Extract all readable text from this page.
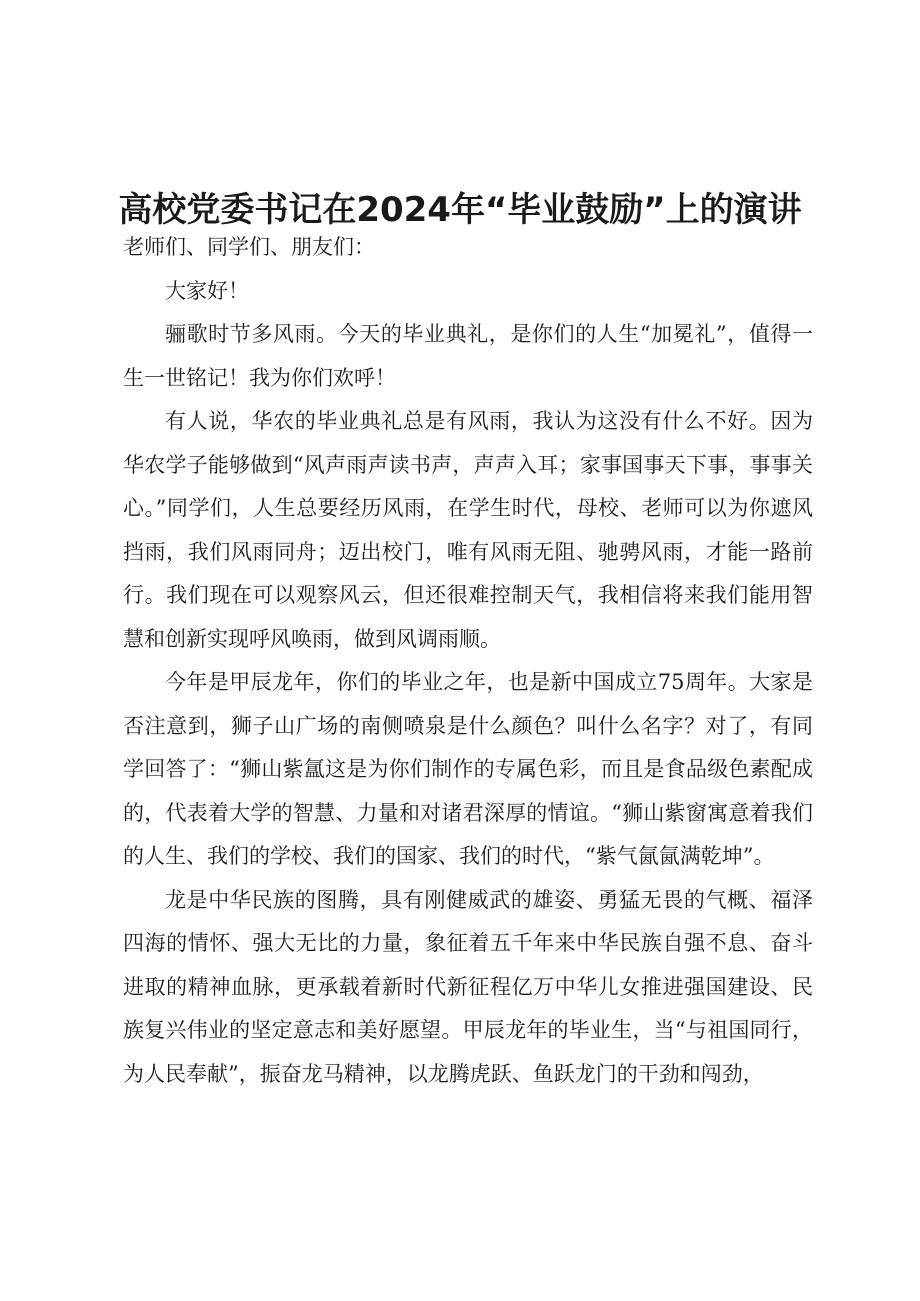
高校党委书记在2024年“毕业鼓励”上的演讲

老师们、同学们、朋友们：

大家好！

骊歌时节多风雨。今天的毕业典礼，是你们的人生“加冕礼”，值得一生一世铭记！我为你们欢呼！

有人说，华农的毕业典礼总是有风雨，我认为这没有什么不好。因为华农学子能够做到“风声雨声读书声，声声入耳；家事国事天下事，事事关心。”同学们，人生总要经历风雨，在学生时代，母校、老师可以为你遮风挡雨，我们风雨同舟；迈出校门，唯有风雨无阻、驰骋风雨，才能一路前行。我们现在可以观察风云，但还很难控制天气，我相信将来我们能用智慧和创新实现呼风唤雨，做到风调雨顺。

今年是甲辰龙年，你们的毕业之年，也是新中国成立75周年。大家是否注意到，狮子山广场的南侧喷泉是什么颜色？叫什么名字？对了，有同学回答了：“狮山紫氲这是为你们制作的专属色彩，而且是食品级色素配成的，代表着大学的智慧、力量和对诸君深厚的情谊。“狮山紫窗寓意着我们的人生、我们的学校、我们的国家、我们的时代，“紫气氤氤满乾坤”。

龙是中华民族的图腾，具有刚健威武的雄姿、勇猛无畏的气概、福泽四海的情怀、强大无比的力量，象征着五千年来中华民族自强不息、奋斗进取的精神血脉，更承载着新时代新征程亿万中华儿女推进强国建设、民族复兴伟业的坚定意志和美好愿望。甲辰龙年的毕业生，当“与祖国同行，为人民奉献”，振奋龙马精神，以龙腾虎跃、鱼跃龙门的干劲和闯劲，
